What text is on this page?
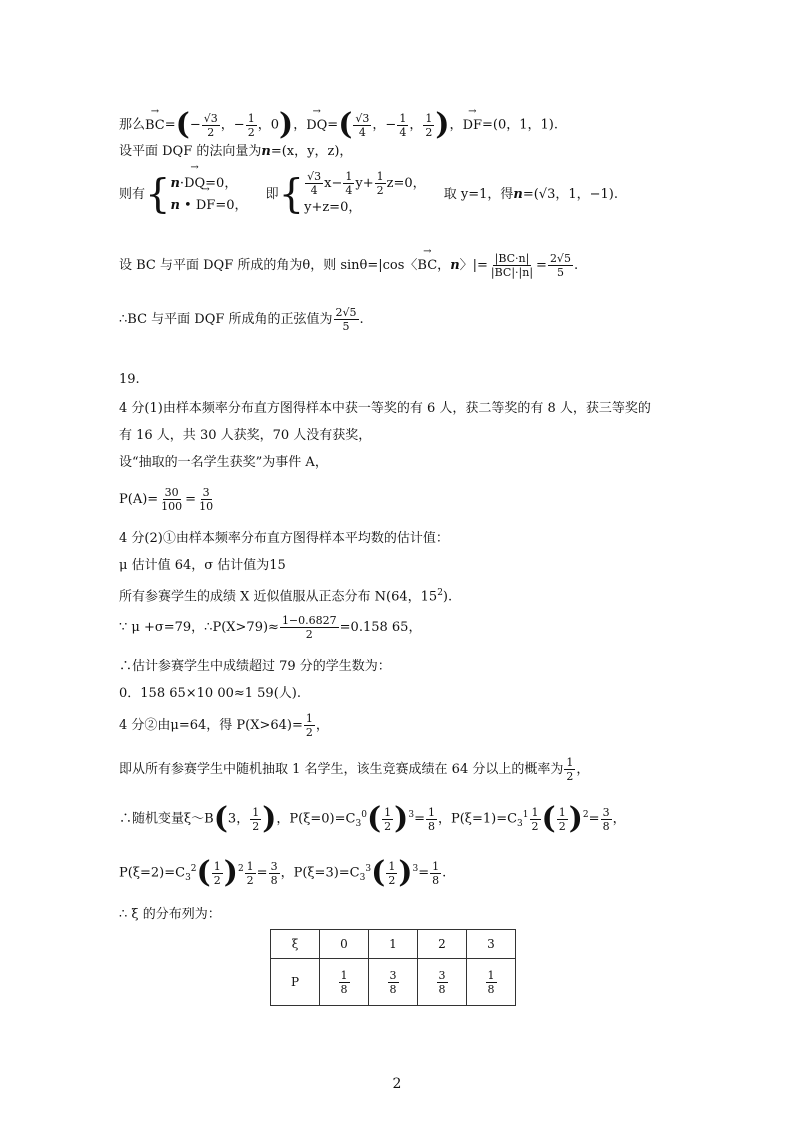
那么→ $BC=(- \frac{√3}{2}$ ，− $\frac{1}{2}$ ，0)，→ $DQ=( \frac{√3}{4}$ ，− $\frac{1}{4}$ ， $\frac{1}{2}$ )，→ DF=(0，1，1).
设平面 DQF 的法向量为n=(x，y，z)，
则有{ n·→ DQ=0，
n • → DF=0，
即{ $\frac{√3}{4} x- \frac{1}{4} y+ \frac{1}{2} z=0$，
y+z=0，
取 y=1，得n=(√3，1，−1).
设 BC 与平面 DQF 所成的角为θ，则 sinθ=|cos〈→ BC，n〉|= $\frac{|BC\cdot n|}{|BC|\cdot|n|} = \frac{2√5}{5}$ .
∴BC 与平面 DQF 所成角的正弦值为 $\frac{2√5}{5}$ .
19.
4 分(1)由样本频率分布直方图得样本中获一等奖的有 6 人，获二等奖的有 8 人，获三等奖的
有 16 人，共 30 人获奖，70 人没有获奖，
设“抽取的一名学生获奖”为事件 A，
$P(A)= \frac{30}{100} = \frac{3}{10}$
4 分(2)①由样本频率分布直方图得样本平均数的估计值：
μ 估计值 64，σ 估计值为15
所有参赛学生的成绩 X 近似值服从正态分布 N(64，$15^2$).
∵ μ +σ=79，∴P(X>79)≈ $\frac{1-0.6827}{2} =0.158$ 65，
∴估计参赛学生中成绩超过 79 分的学生数为：
0．158 65×10 00≈1 59(人).
4 分②由μ=64，得 $P(X>64)= \frac{1}{2}$ ，
即从所有参赛学生中随机抽取 1 名学生，该生竞赛成绩在 64 分以上的概率为 $\frac{1}{2}$ ，
∴随机变量ξ～B(3， $\frac{1}{2}$ )，$P(\xi=0)=C_3^0( \frac{1}{2} )^3= \frac{1}{8}$ ，$P(\xi=1)=C_3^1 \frac{1}{2}$ ( $\frac{1}{2} )^2= \frac{3}{8}$ ，
$P(\xi=2)=C_3^2( \frac{1}{2} )^2 \frac{1}{2} = \frac{3}{8}$ ，$P(\xi=3)=C_3^3( \frac{1}{2} )^3= \frac{1}{8}$ .
∴ ξ 的分布列为：
ξ	0	1	2	3
P	$\frac{1}{8}$	$\frac{3}{8}$	$\frac{3}{8}$	$\frac{1}{8}$
2
